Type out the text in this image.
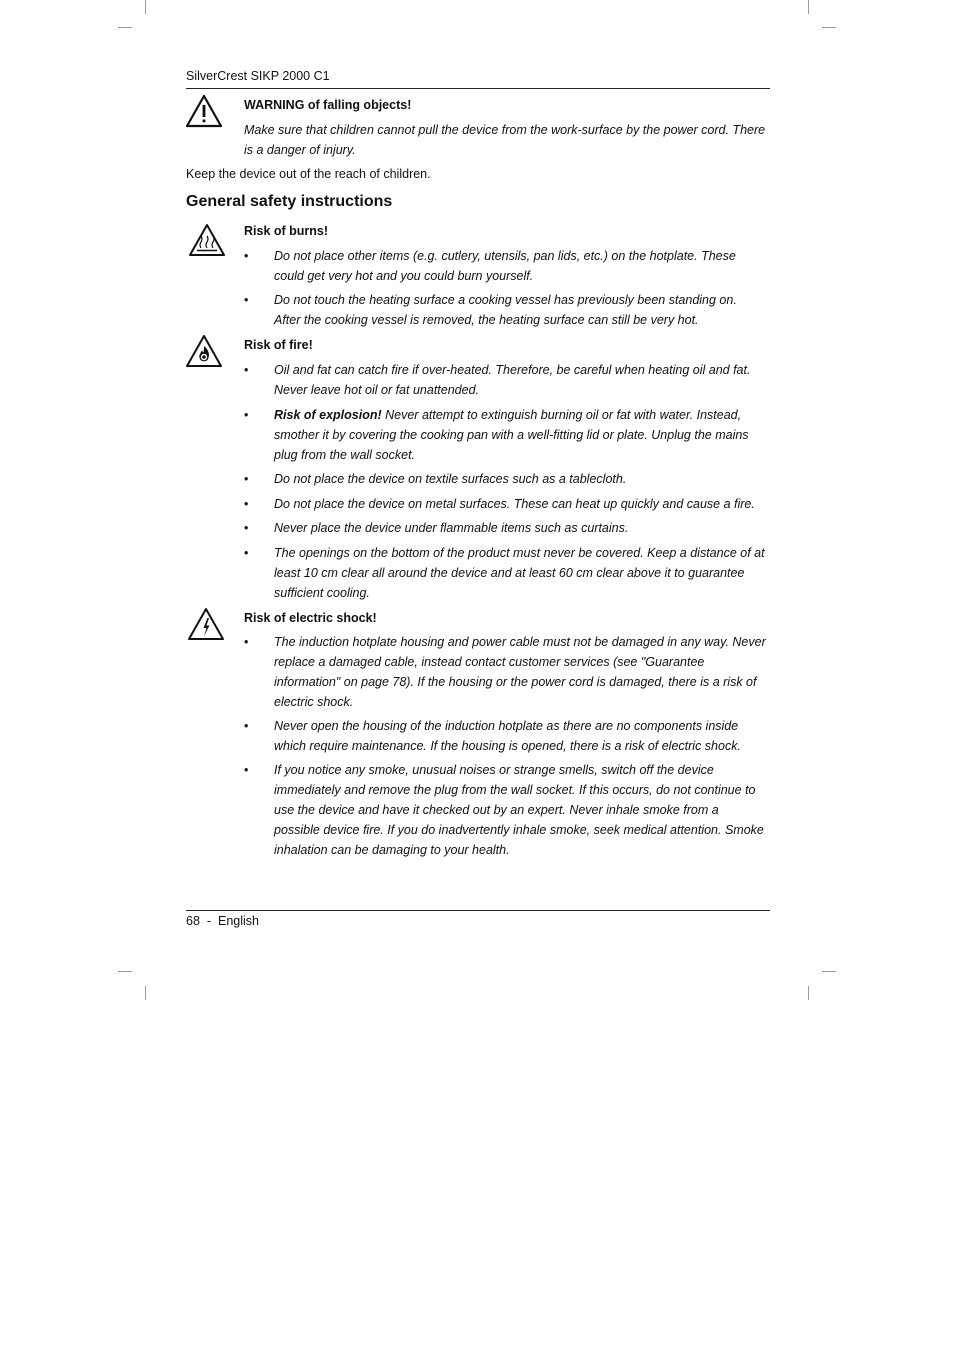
SilverCrest SIKP 2000 C1
WARNING of falling objects!
Make sure that children cannot pull the device from the work-surface by the power cord. There is a danger of injury.
Keep the device out of the reach of children.
General safety instructions
Risk of burns!
•	Do not place other items (e.g. cutlery, utensils, pan lids, etc.) on the hotplate. These could get very hot and you could burn yourself.
•	Do not touch the heating surface a cooking vessel has previously been standing on. After the cooking vessel is removed, the heating surface can still be very hot.
Risk of fire!
•	Oil and fat can catch fire if over-heated. Therefore, be careful when heating oil and fat. Never leave hot oil or fat unattended.
•	Risk of explosion! Never attempt to extinguish burning oil or fat with water. Instead, smother it by covering the cooking pan with a well-fitting lid or plate. Unplug the mains plug from the wall socket.
•	Do not place the device on textile surfaces such as a tablecloth.
•	Do not place the device on metal surfaces. These can heat up quickly and cause a fire.
•	Never place the device under flammable items such as curtains.
•	The openings on the bottom of the product must never be covered. Keep a distance of at least 10 cm clear all around the device and at least 60 cm clear above it to guarantee sufficient cooling.
Risk of electric shock!
•	The induction hotplate housing and power cable must not be damaged in any way. Never replace a damaged cable, instead contact customer services (see "Guarantee information" on page 78). If the housing or the power cord is damaged, there is a risk of electric shock.
•	Never open the housing of the induction hotplate as there are no components inside which require maintenance. If the housing is opened, there is a risk of electric shock.
•	If you notice any smoke, unusual noises or strange smells, switch off the device immediately and remove the plug from the wall socket. If this occurs, do not continue to use the device and have it checked out by an expert. Never inhale smoke from a possible device fire. If you do inadvertently inhale smoke, seek medical attention. Smoke inhalation can be damaging to your health.
68 - English
